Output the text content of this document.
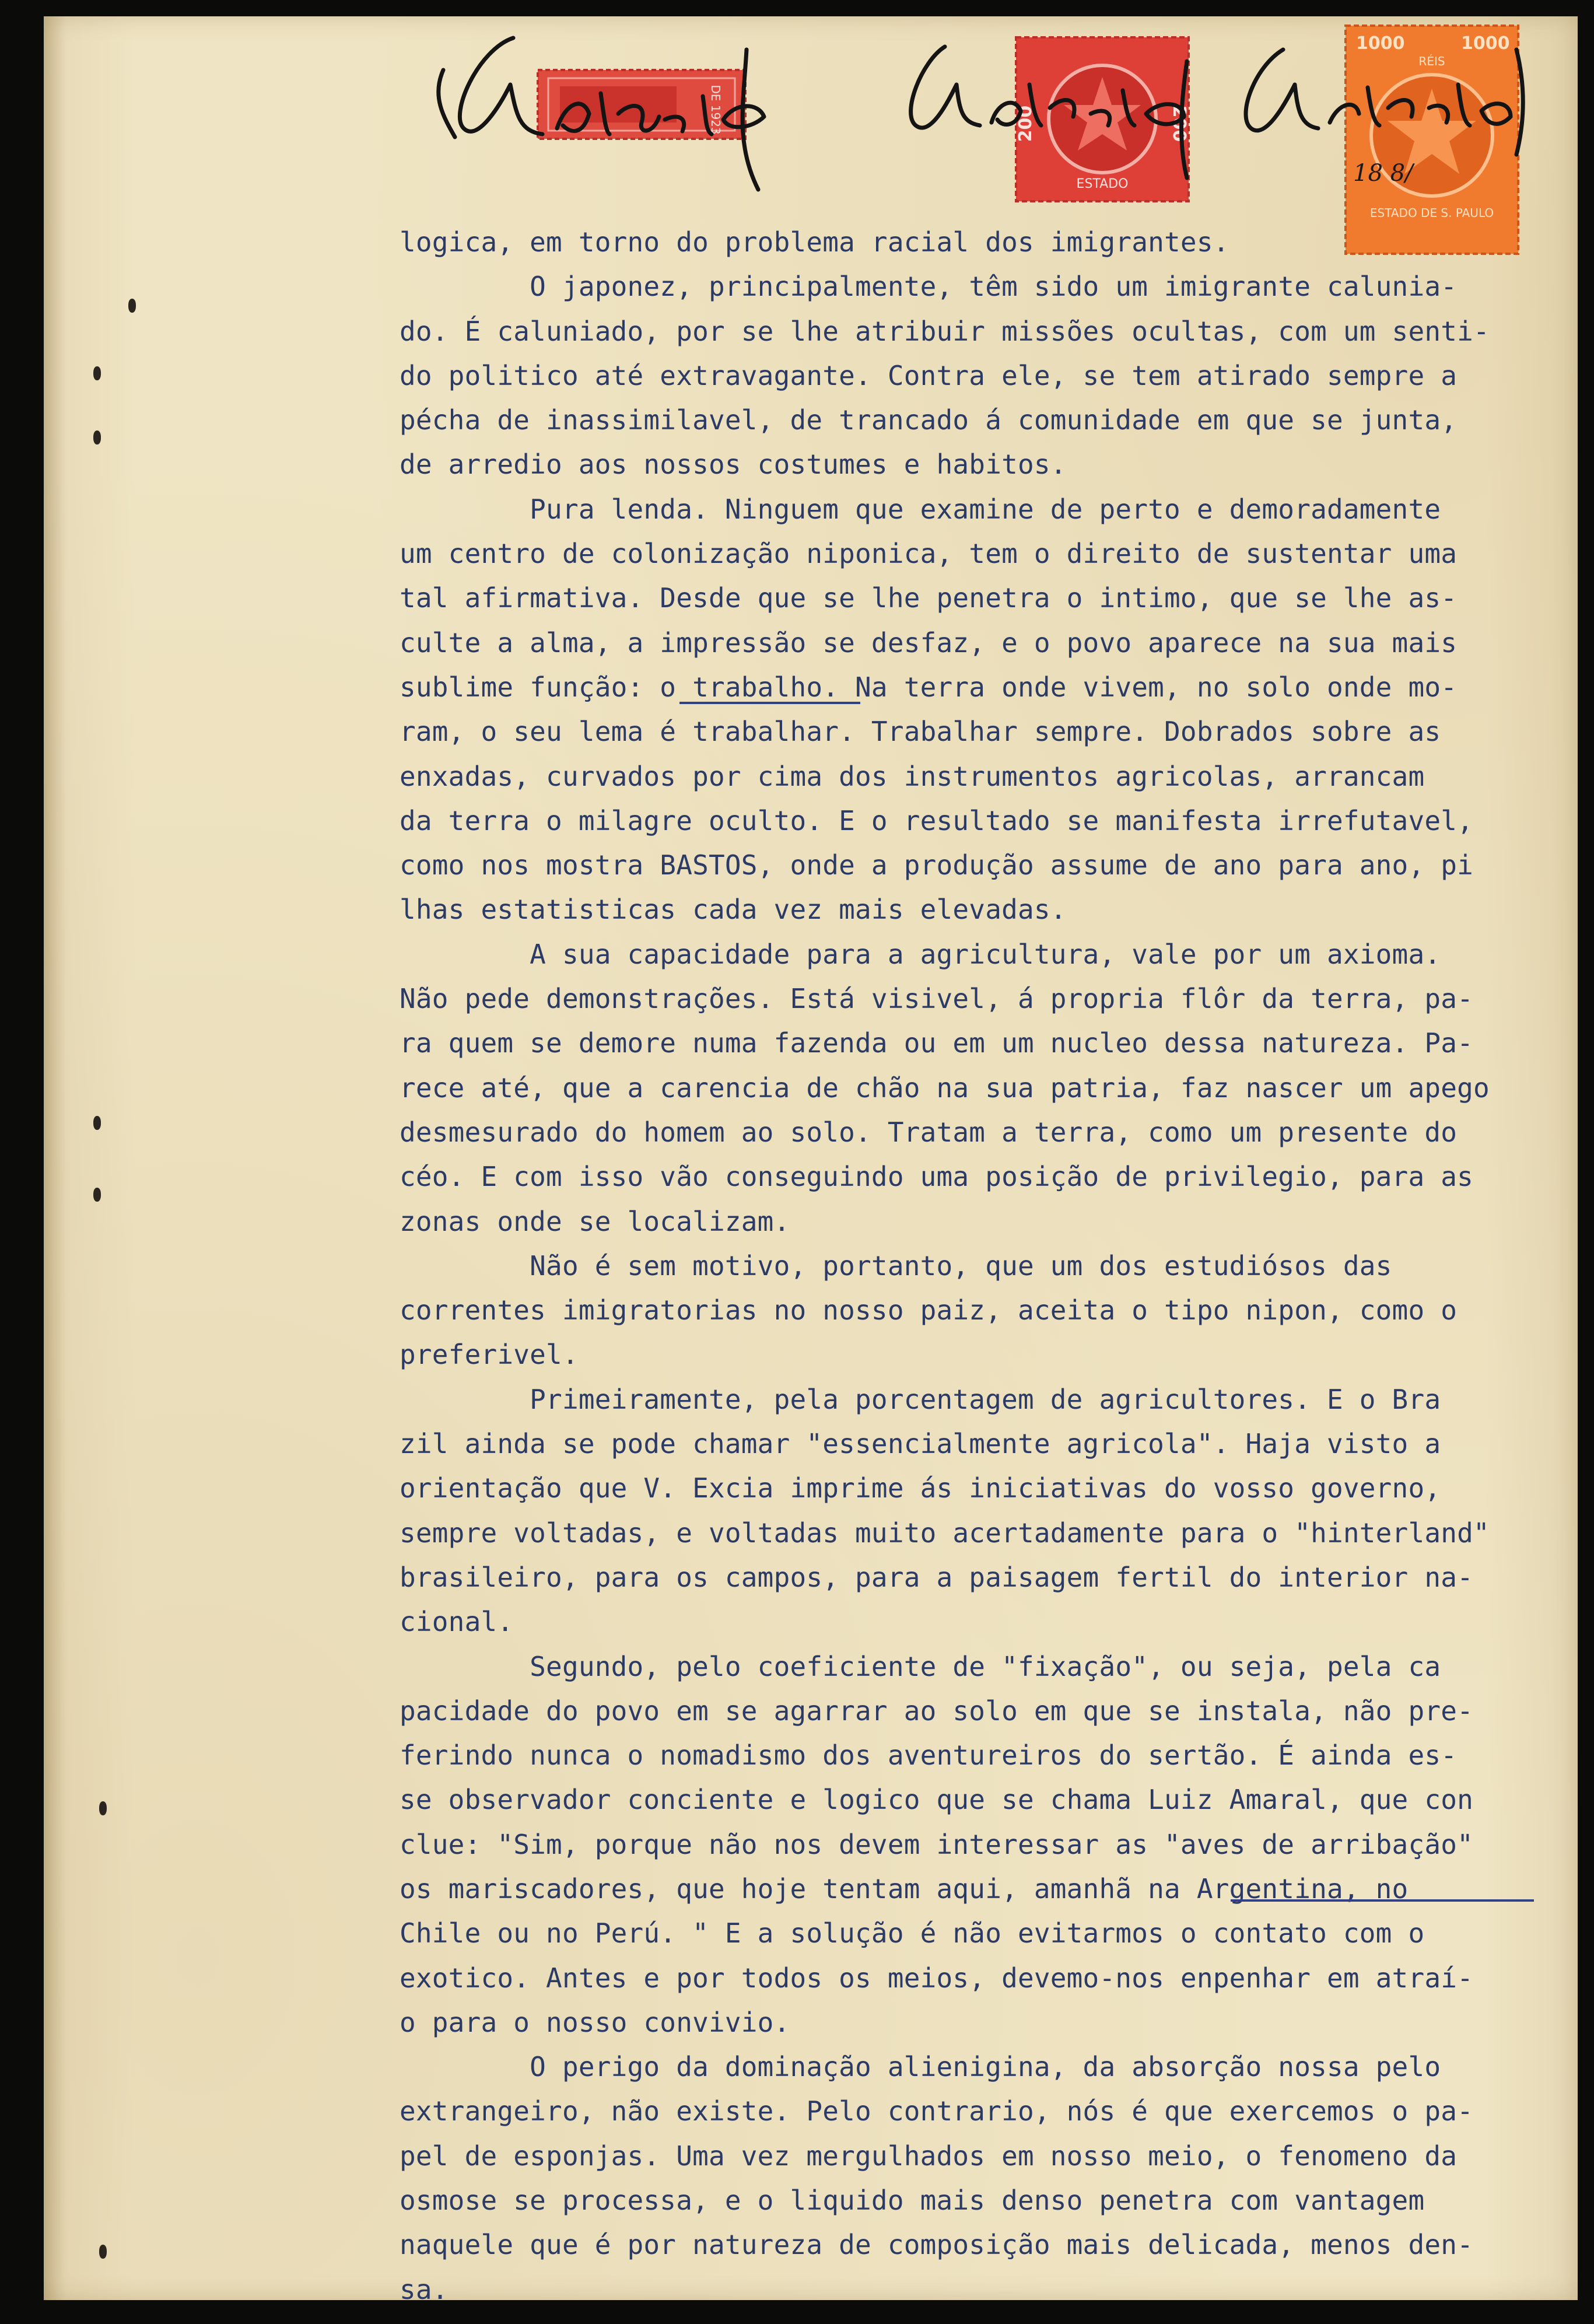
DE 1923	200	200
ESTADO
1000	1000
RÉIS
ESTADO DE S. PAULO
18 8/
logica, em torno do problema racial dos imigrantes.
O japonez, principalmente, têm sido um imigrante caluniа-
do. É caluniado, por se lhe atribuir missões ocultas, com um senti-
do politico até extravagante. Contra ele, se tem atirado sempre a
pécha de inassimilavel, de trancado á comunidade em que se junta,
de arredio aos nossos costumes e habitos.
Pura lenda. Ninguem que examine de perto e demoradamente
um centro de colonização niponica, tem o direito de sustentar uma
tal afirmativa. Desde que se lhe penetra o intimo, que se lhe as-
culte a alma, a impressão se desfaz, e o povo aparece na sua mais
sublime função: o trabalho. Na terra onde vivem, no solo onde mo-
ram, o seu lema é trabalhar. Trabalhar sempre. Dobrados sobre as
enxadas, curvados por cima dos instrumentos agricolas, arrancam
da terra o milagre oculto. E o resultado se manifesta irrefutavel,
como nos mostra BASTOS, onde a produção assume de ano para ano, pi
lhas estatisticas cada vez mais elevadas.
A sua capacidade para a agricultura, vale por um axioma.
Não pede demonstrações. Está visivel, á propria flôr da terra, pa-
ra quem se demore numa fazenda ou em um nucleo dessa natureza. Pa-
rece até, que a carencia de chão na sua patria, faz nascer um apego
desmesurado do homem ao solo. Tratam a terra, como um presente do
céo. E com isso vão conseguindo uma posição de privilegio, para as
zonas onde se localizam.
Não é sem motivo, portanto, que um dos estudiósos das
correntes imigratorias no nosso paiz, aceita o tipo nipon, como o
preferivel.
Primeiramente, pela porcentagem de agricultores. E o Bra
zil ainda se pode chamar "essencialmente agricola". Haja visto a
orientação que V. Excia imprime ás iniciativas do vosso governo,
sempre voltadas, e voltadas muito acertadamente para o "hinterland"
brasileiro, para os campos, para a paisagem fertil do interior na-
cional.
Segundo, pelo coeficiente de "fixação", ou seja, pela ca
pacidade do povo em se agarrar ao solo em que se instala, não pre-
ferindo nunca o nomadismo dos aventureiros do sertão. É ainda es-
se observador conciente e logico que se chama Luiz Amaral, que con
clue: "Sim, porque não nos devem interessar as "aves de arribação"
os mariscadores, que hoje tentam aqui, amanhã na Argentina, no
Chile ou no Perú. " E a solução é não evitarmos o contato com o
exotico. Antes e por todos os meios, devemo-nos enpenhar em atraí-
o para o nosso convivio.
O perigo da dominação alienigina, da absorção nossa pelo
extrangeiro, não existe. Pelo contrario, nós é que exercemos o pa-
pel de esponjas. Uma vez mergulhados em nosso meio, o fenomeno da
osmose se processa, e o liquido mais denso penetra com vantagem
naquele que é por natureza de composição mais delicada, menos den-
sa.
